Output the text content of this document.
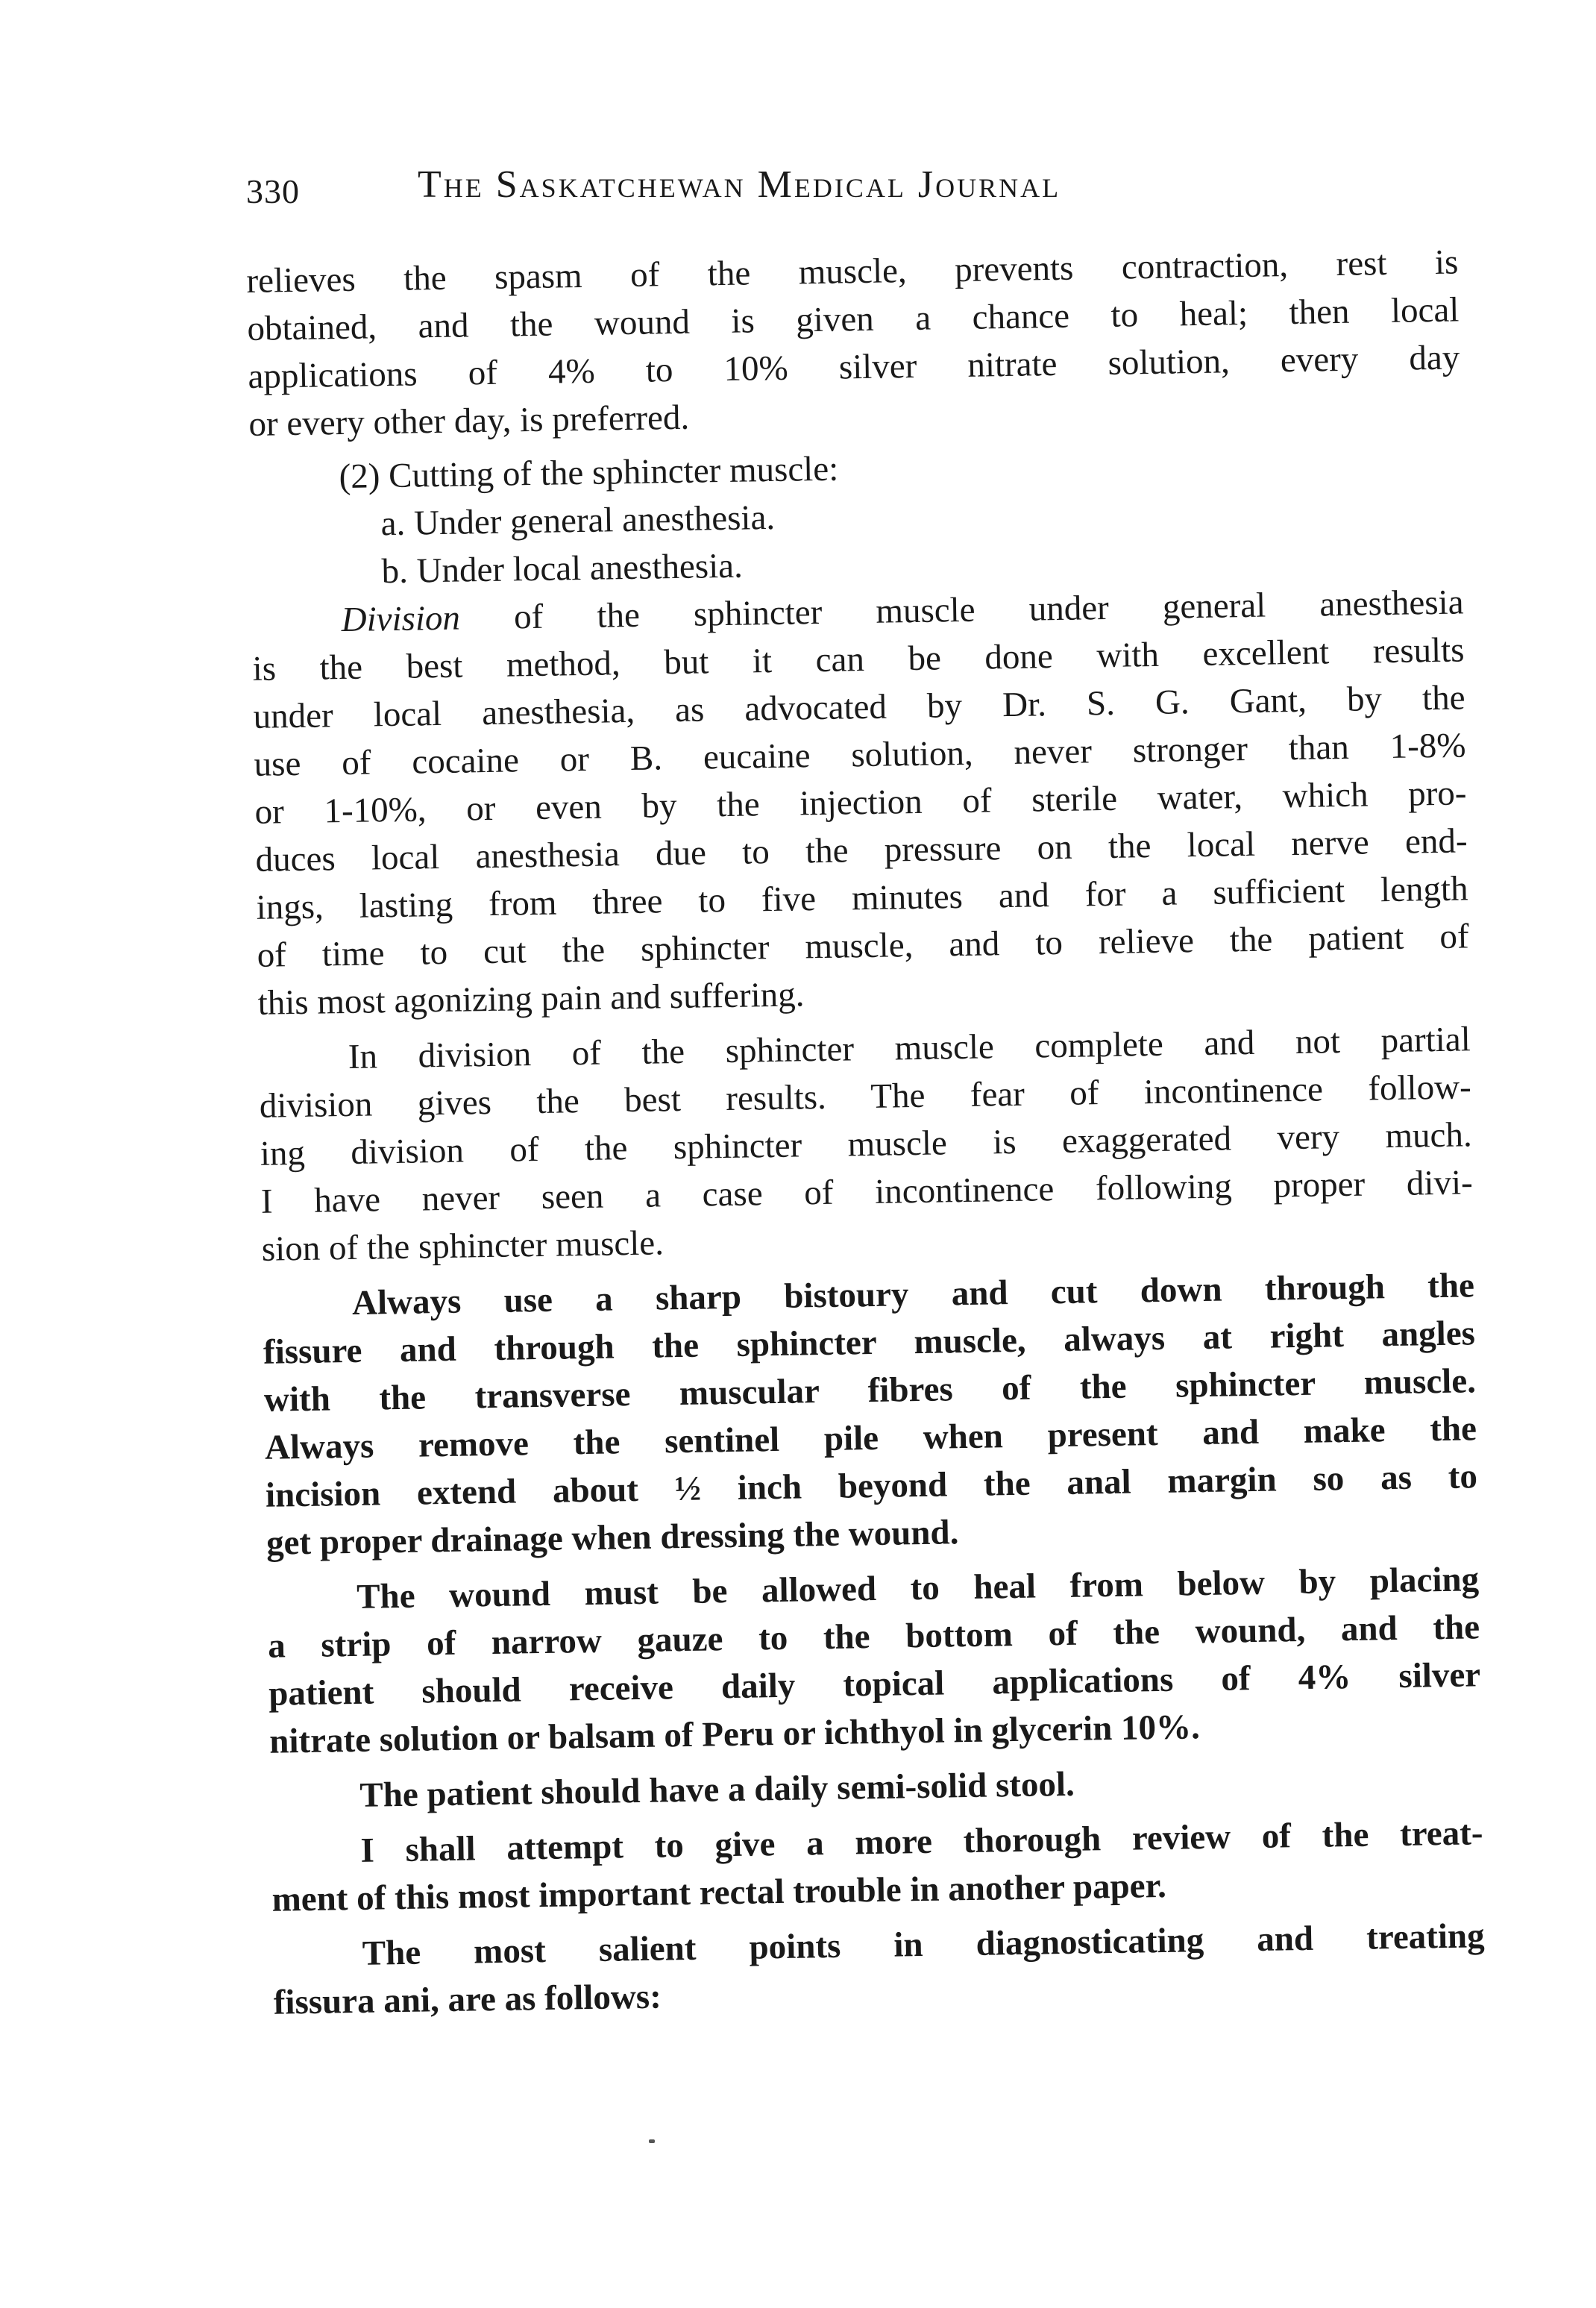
330	The Saskatchewan Medical Journal
relieves the spasm of the muscle, prevents contraction, rest is
obtained, and the wound is given a chance to heal; then local
applications of 4% to 10% silver nitrate solution, every day
or every other day, is preferred.
(2) Cutting of the sphincter muscle:
a. Under general anesthesia.
b. Under local anesthesia.
Division of the sphincter muscle under general anesthesia
is the best method, but it can be done with excellent results
under local anesthesia, as advocated by Dr. S. G. Gant, by the
use of cocaine or B. eucaine solution, never stronger than 1-8%
or 1-10%, or even by the injection of sterile water, which pro-
duces local anesthesia due to the pressure on the local nerve end-
ings, lasting from three to five minutes and for a sufficient length
of time to cut the sphincter muscle, and to relieve the patient of
this most agonizing pain and suffering.
In division of the sphincter muscle complete and not partial
division gives the best results. The fear of incontinence follow-
ing division of the sphincter muscle is exaggerated very much.
I have never seen a case of incontinence following proper divi-
sion of the sphincter muscle.
Always use a sharp bistoury and cut down through the
fissure and through the sphincter muscle, always at right angles
with the transverse muscular fibres of the sphincter muscle.
Always remove the sentinel pile when present and make the
incision extend about ½ inch beyond the anal margin so as to
get proper drainage when dressing the wound.
The wound must be allowed to heal from below by placing
a strip of narrow gauze to the bottom of the wound, and the
patient should receive daily topical applications of 4% silver
nitrate solution or balsam of Peru or ichthyol in glycerin 10%.
The patient should have a daily semi-solid stool.
I shall attempt to give a more thorough review of the treat-
ment of this most important rectal trouble in another paper.
The most salient points in diagnosticating and treating
fissura ani, are as follows:
